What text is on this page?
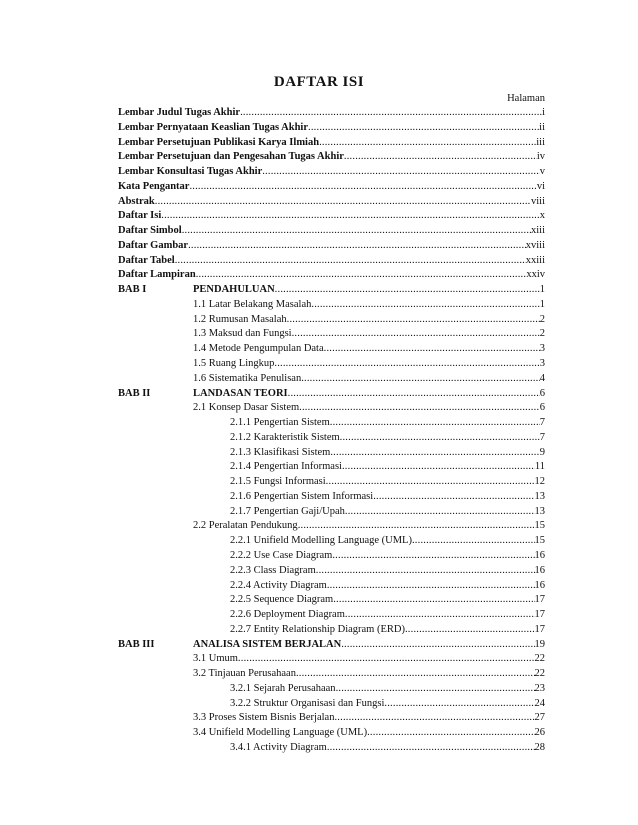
DAFTAR ISI
Halaman
Lembar Judul Tugas Akhir .....	i
Lembar Pernyataan Keaslian Tugas Akhir .....	ii
Lembar Persetujuan Publikasi Karya Ilmiah .....	iii
Lembar Persetujuan dan Pengesahan Tugas Akhir .....	iv
Lembar Konsultasi Tugas Akhir .....	v
Kata Pengantar .....	vi
Abstrak .....	viii
Daftar Isi .....	x
Daftar Simbol .....	xiii
Daftar Gambar .....	xviii
Daftar Tabel .....	xxiii
Daftar Lampiran .....	xxiv
BAB I	PENDAHULUAN .....	1
1.1 Latar Belakang Masalah .....	1
1.2 Rumusan Masalah .....	2
1.3 Maksud dan Fungsi .....	2
1.4 Metode Pengumpulan Data .....	3
1.5 Ruang Lingkup .....	3
1.6 Sistematika Penulisan .....	4
BAB II	LANDASAN TEORI .....	6
2.1 Konsep Dasar Sistem .....	6
2.1.1 Pengertian Sistem .....	7
2.1.2 Karakteristik Sistem .....	7
2.1.3 Klasifikasi Sistem .....	9
2.1.4 Pengertian Informasi .....	11
2.1.5 Fungsi Informasi .....	12
2.1.6 Pengertian Sistem Informasi .....	13
2.1.7 Pengertian Gaji/Upah .....	13
2.2 Peralatan Pendukung .....	15
2.2.1 Unifield Modelling Language (UML) .....	15
2.2.2 Use Case Diagram .....	16
2.2.3 Class Diagram .....	16
2.2.4 Activity Diagram .....	16
2.2.5 Sequence Diagram .....	17
2.2.6 Deployment Diagram .....	17
2.2.7 Entity Relationship Diagram (ERD) .....	17
BAB III	ANALISA SISTEM BERJALAN .....	19
3.1 Umum .....	22
3.2 Tinjauan Perusahaan .....	22
3.2.1 Sejarah Perusahaan .....	23
3.2.2 Struktur Organisasi dan Fungsi .....	24
3.3 Proses Sistem Bisnis Berjalan .....	27
3.4 Unifield Modelling Language (UML) .....	26
3.4.1 Activity Diagram .....	28
